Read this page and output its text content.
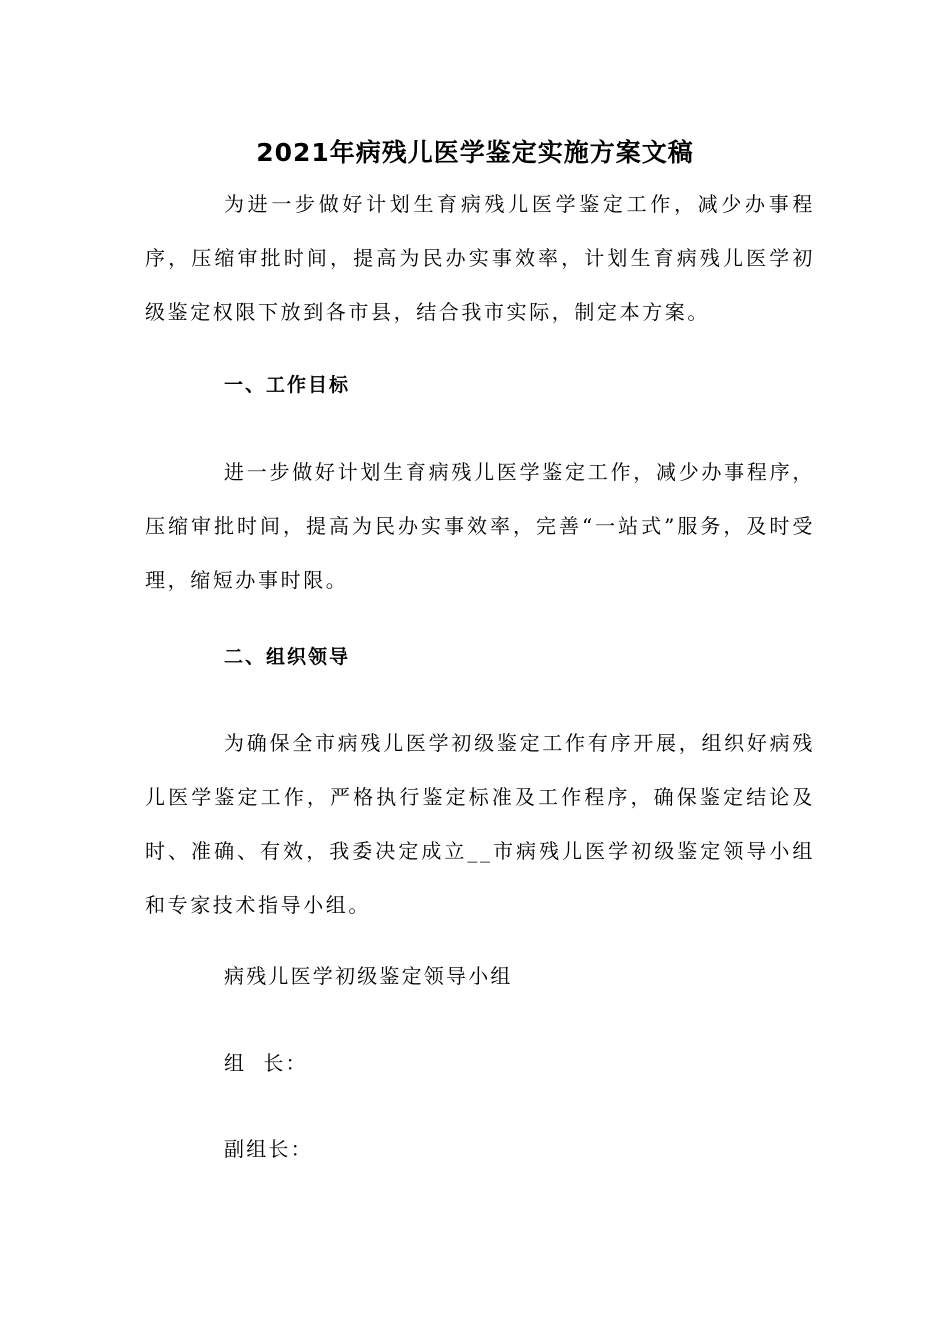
2021年病残儿医学鉴定实施方案文稿
为进一步做好计划生育病残儿医学鉴定工作，减少办事程序，压缩审批时间，提高为民办实事效率，计划生育病残儿医学初级鉴定权限下放到各市县，结合我市实际，制定本方案。
一、工作目标
进一步做好计划生育病残儿医学鉴定工作，减少办事程序，压缩审批时间，提高为民办实事效率，完善“一站式”服务，及时受理，缩短办事时限。
二、组织领导
为确保全市病残儿医学初级鉴定工作有序开展，组织好病残儿医学鉴定工作，严格执行鉴定标准及工作程序，确保鉴定结论及时、准确、有效，我委决定成立__市病残儿医学初级鉴定领导小组和专家技术指导小组。
病残儿医学初级鉴定领导小组
组  长：
副组长：
